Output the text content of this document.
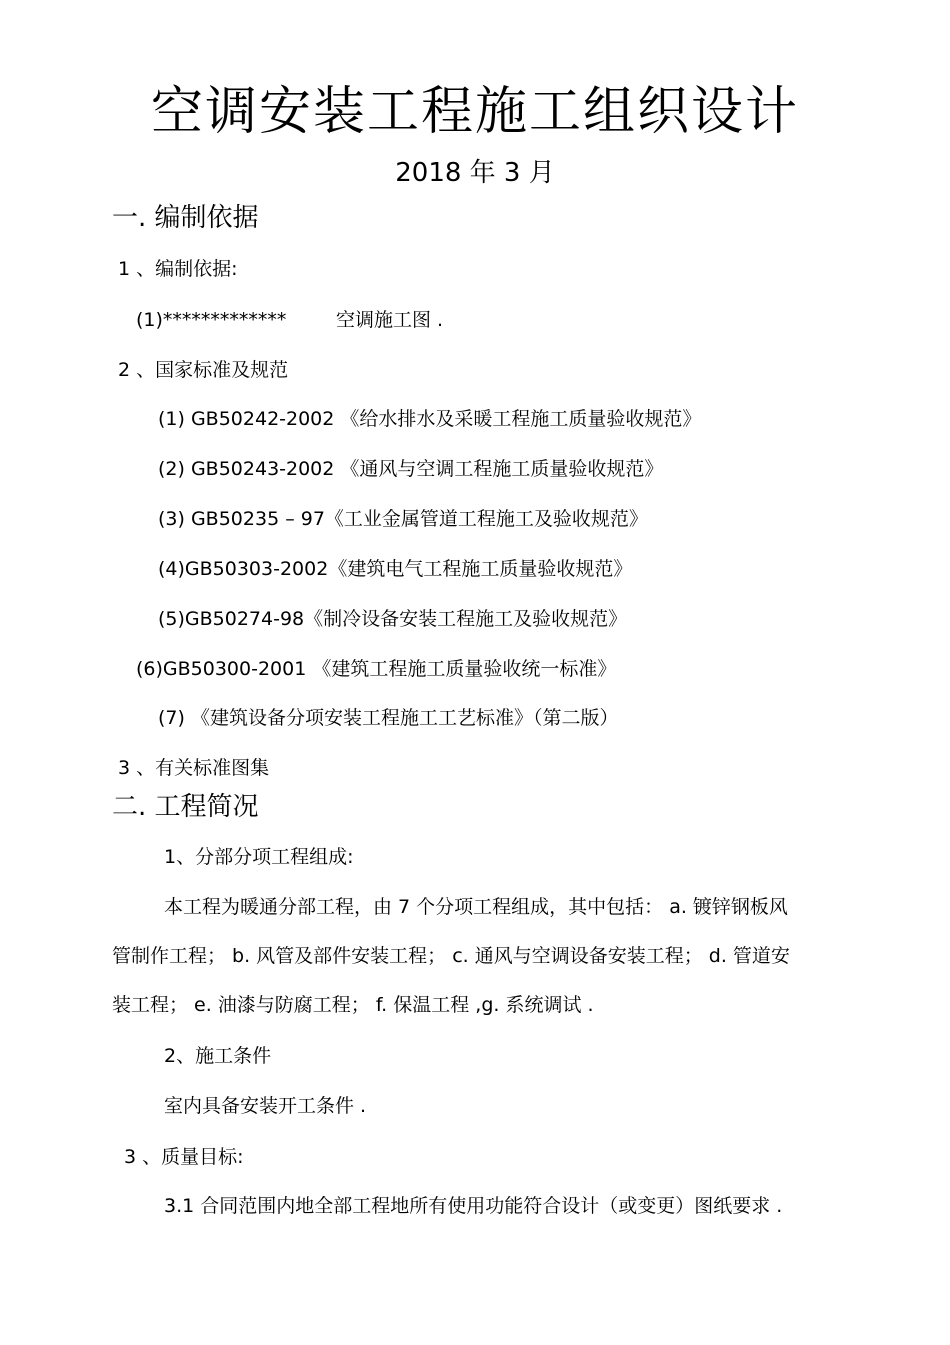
空调安装工程施工组织设计
2018 年 3 月
一. 编制依据
1 、编制依据:
(1)*************	空调施工图 .
2 、国家标准及规范
(1) GB50242-2002 《给水排水及采暖工程施工质量验收规范》
(2) GB50243-2002 《通风与空调工程施工质量验收规范》
(3) GB50235 – 97《工业金属管道工程施工及验收规范》
(4)GB50303-2002《建筑电气工程施工质量验收规范》
(5)GB50274-98《制冷设备安装工程施工及验收规范》
(6)GB50300-2001 《建筑工程施工质量验收统一标准》
(7) 《建筑设备分项安装工程施工工艺标准》（第二版）
3 、有关标准图集
二. 工程简况
1、分部分项工程组成:
本工程为暖通分部工程，由 7 个分项工程组成，其中包括： a. 镀锌钢板风
管制作工程； b. 风管及部件安装工程； c. 通风与空调设备安装工程； d. 管道安
装工程； e. 油漆与防腐工程； f. 保温工程 ,g. 系统调试 .
2、施工条件
室内具备安装开工条件 .
3 、质量目标:
3.1 合同范围内地全部工程地所有使用功能符合设计（或变更）图纸要求 .
